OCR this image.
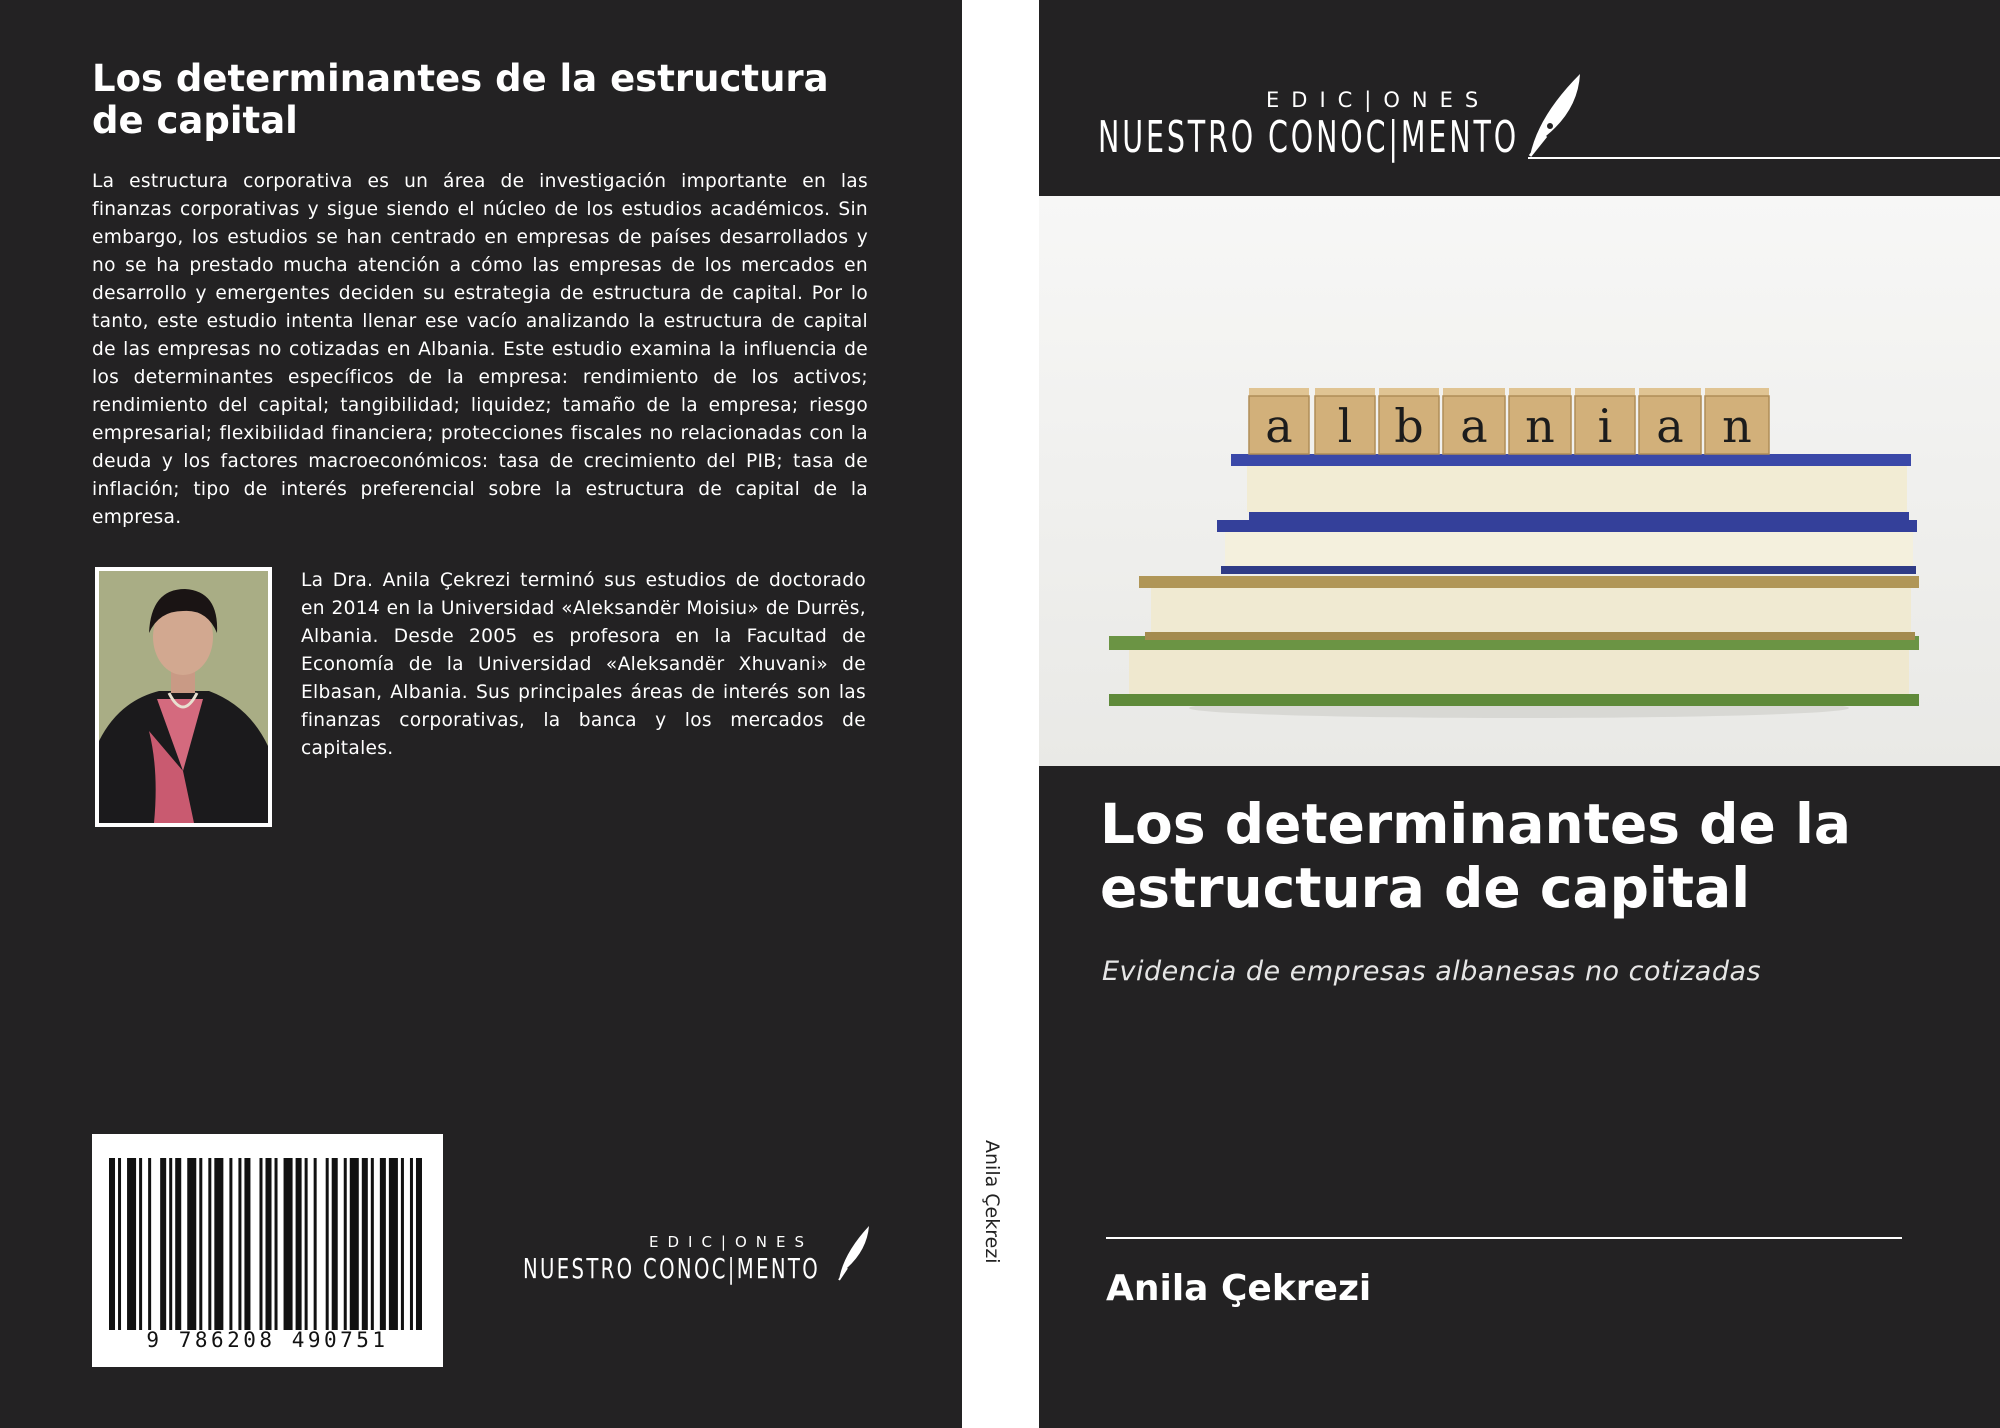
Los determinantes de la estructura de capital

La estructura corporativa es un área de investigación importante en las finanzas corporativas y sigue siendo el núcleo de los estudios académicos. Sin embargo, los estudios se han centrado en empresas de países desarrollados y no se ha prestado mucha atención a cómo las empresas de los mercados en desarrollo y emergentes deciden su estrategia de estructura de capital. Por lo tanto, este estudio intenta llenar ese vacío analizando la estructura de capital de las empresas no cotizadas en Albania. Este estudio examina la influencia de los determinantes específicos de la empresa: rendimiento de los activos; rendimiento del capital; tangibilidad; liquidez; tamaño de la empresa; riesgo empresarial; flexibilidad financiera; protecciones fiscales no relacionadas con la deuda y los factores macroeconómicos: tasa de crecimiento del PIB; tasa de inflación; tipo de interés preferencial sobre la estructura de capital de la empresa.

La Dra. Anila Çekrezi terminó sus estudios de doctorado en 2014 en la Universidad «Aleksandër Moisiu» de Durrës, Albania. Desde 2005 es profesora en la Facultad de Economía de la Universidad «Aleksandër Xhuvani» de Elbasan, Albania. Sus principales áreas de interés son las finanzas corporativas, la banca y los mercados de capitales.

9 786208 490751
EDIC|ONES
NUESTRO CONOC|MENTO
Anila Çekrezi
EDIC|ONES
NUESTRO CONOC|MENTO
a l b a n i a n
Los determinantes de la estructura de capital
Evidencia de empresas albanesas no cotizadas
Anila Çekrezi
